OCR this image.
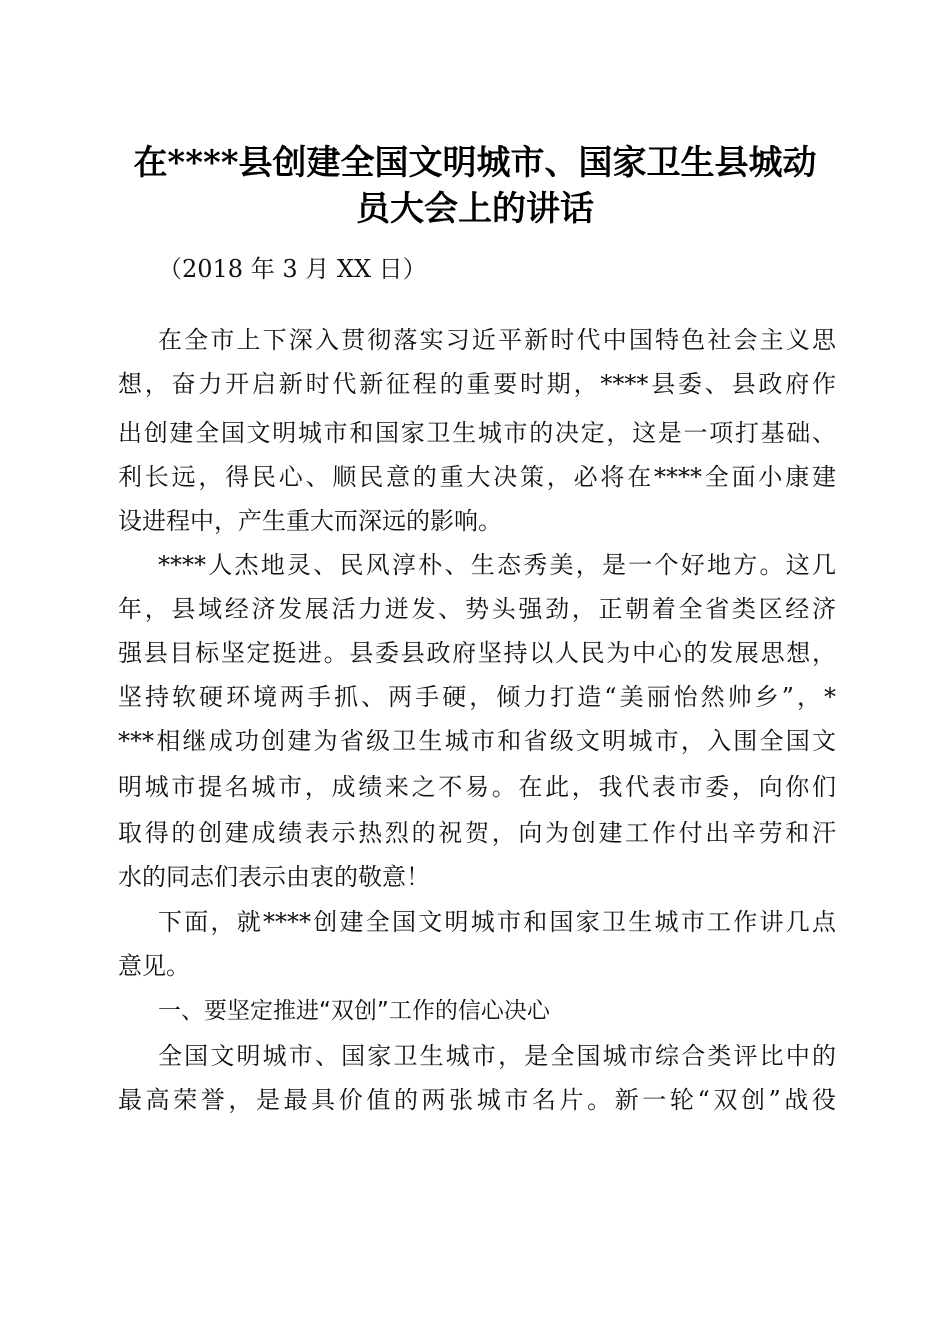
在****县创建全国文明城市、国家卫生县城动
员大会上的讲话
（2018 年 3 月 XX 日）
在全市上下深入贯彻落实习近平新时代中国特色社会主义思
想，奋力开启新时代新征程的重要时期，****县委、县政府作
出创建全国文明城市和国家卫生城市的决定，这是一项打基础、
利长远，得民心、顺民意的重大决策，必将在****全面小康建
设进程中，产生重大而深远的影响。
****人杰地灵、民风淳朴、生态秀美，是一个好地方。这几
年，县域经济发展活力迸发、势头强劲，正朝着全省类区经济
强县目标坚定挺进。县委县政府坚持以人民为中心的发展思想，
坚持软硬环境两手抓、两手硬，倾力打造“美丽怡然帅乡”，*
***相继成功创建为省级卫生城市和省级文明城市，入围全国文
明城市提名城市，成绩来之不易。在此，我代表市委，向你们
取得的创建成绩表示热烈的祝贺，向为创建工作付出辛劳和汗
水的同志们表示由衷的敬意！
下面，就****创建全国文明城市和国家卫生城市工作讲几点
意见。
一、要坚定推进“双创”工作的信心决心
全国文明城市、国家卫生城市，是全国城市综合类评比中的
最高荣誉，是最具价值的两张城市名片。新一轮“双创”战役
